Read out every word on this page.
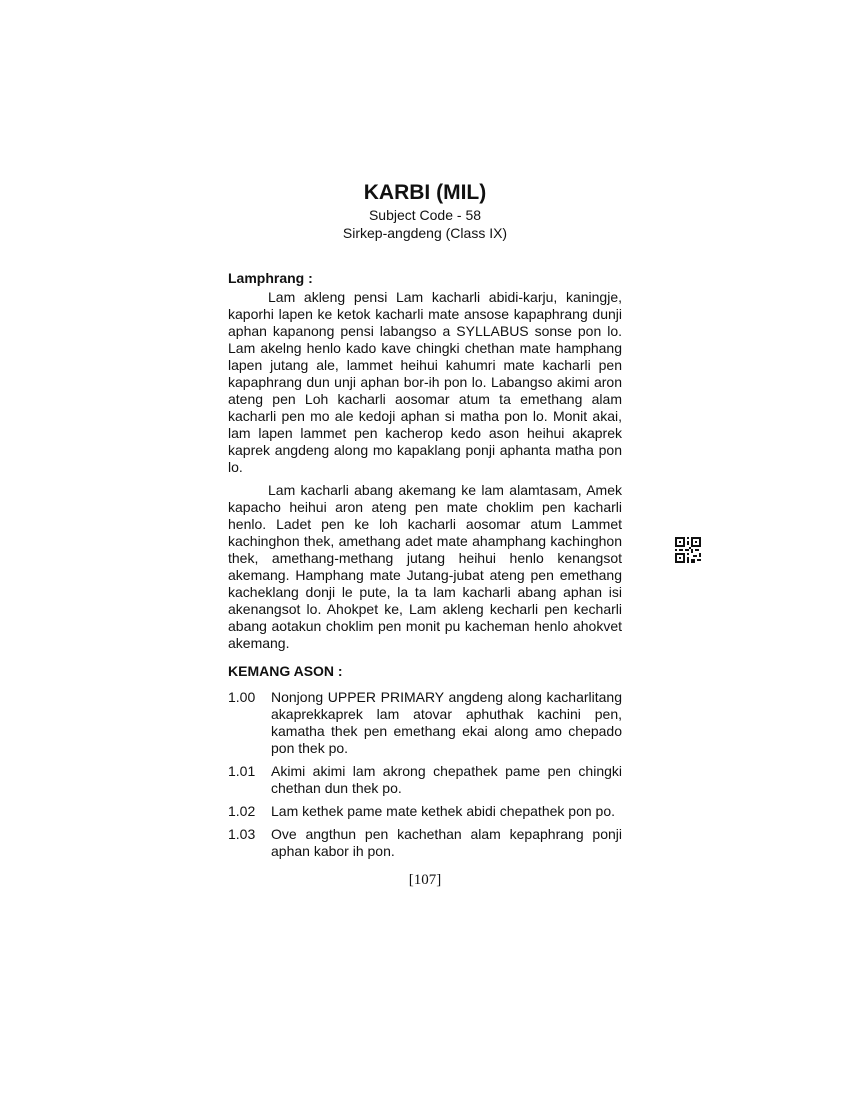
KARBI (MIL)

Subject Code - 58

Sirkep-angdeng (Class IX)

Lamphrang :

Lam akleng pensi Lam kacharli abidi-karju, kaningje, kaporhi lapen ke ketok kacharli mate ansose kapaphrang dunji aphan kapanong pensi labangso a SYLLABUS sonse pon lo. Lam akelng henlo kado kave chingki chethan mate hamphang lapen jutang ale, lammet heihui kahumri mate kacharli pen kapaphrang dun unji aphan bor-ih pon lo. Labangso akimi aron ateng pen Loh kacharli aosomar atum ta emethang alam kacharli pen mo ale kedoji aphan si matha pon lo. Monit akai, lam lapen lammet pen kacherop kedo ason heihui akaprek kaprek angdeng along mo kapaklang ponji aphanta matha pon lo.

Lam kacharli abang akemang ke lam alamtasam, Amek kapacho heihui aron ateng pen mate choklim pen kacharli henlo. Ladet pen ke loh kacharli aosomar atum Lammet kachinghon thek, amethang adet mate ahamphang kachinghon thek, amethang-methang jutang heihui henlo kenangsot akemang. Hamphang mate Jutang-jubat ateng pen emethang kacheklang donji le pute, la ta lam kacharli abang aphan isi akenangsot lo. Ahokpet ke, Lam akleng kecharli pen kecharli abang aotakun choklim pen monit pu kacheman henlo ahokvet akemang.

KEMANG ASON :
1.00	Nonjong UPPER PRIMARY angdeng along kacharlitang akaprekkaprek lam atovar aphuthak kachini pen, kamatha thek pen emethang ekai along amo chepado pon thek po.
1.01	Akimi akimi lam akrong chepathek pame pen chingki chethan dun thek po.
1.02	Lam kethek pame mate kethek abidi chepathek pon po.
1.03	Ove angthun pen kachethan alam kepaphrang ponji aphan kabor ih pon.
[107]
